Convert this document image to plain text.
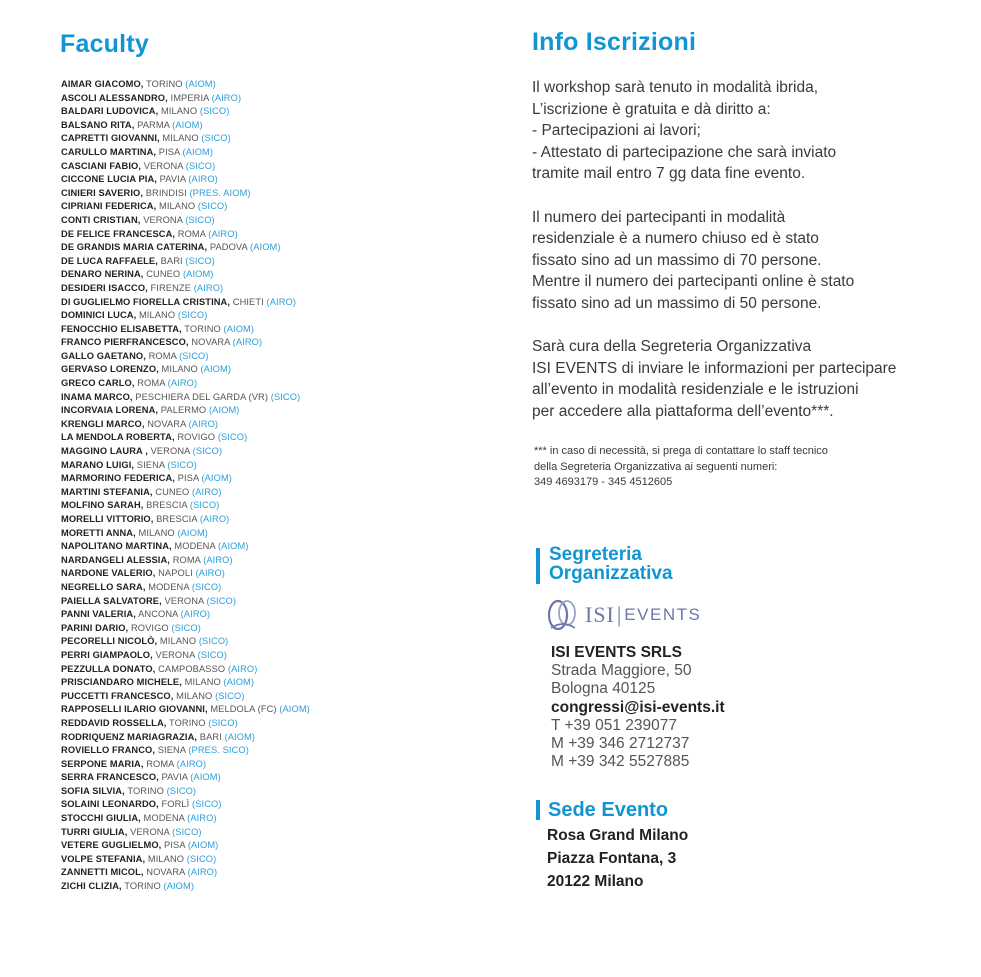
Faculty
AIMAR GIACOMO, TORINO (AIOM)
ASCOLI ALESSANDRO, IMPERIA (AIRO)
BALDARI LUDOVICA, MILANO (SICO)
BALSANO RITA, PARMA (AIOM)
CAPRETTI GIOVANNI, MILANO (SICO)
CARULLO MARTINA, PISA (AIOM)
CASCIANI FABIO, VERONA (SICO)
CICCONE LUCIA PIA, PAVIA (AIRO)
CINIERI SAVERIO, BRINDISI (PRES. AIOM)
CIPRIANI FEDERICA, MILANO (SICO)
CONTI CRISTIAN, VERONA (SICO)
DE FELICE FRANCESCA, ROMA (AIRO)
DE GRANDIS MARIA CATERINA, PADOVA (AIOM)
DE LUCA RAFFAELE, BARI (SICO)
DENARO NERINA, CUNEO (AIOM)
DESIDERI ISACCO, FIRENZE (AIRO)
DI GUGLIELMO FIORELLA CRISTINA, CHIETI (AIRO)
DOMINICI LUCA, MILANO (SICO)
FENOCCHIO ELISABETTA, TORINO (AIOM)
FRANCO PIERFRANCESCO, NOVARA (AIRO)
GALLO GAETANO, ROMA (SICO)
GERVASO LORENZO, MILANO (AIOM)
GRECO CARLO, ROMA (AIRO)
INAMA MARCO, PESCHIERA DEL GARDA (VR) (SICO)
INCORVAIA LORENA, PALERMO (AIOM)
KRENGLI MARCO, NOVARA (AIRO)
LA MENDOLA ROBERTA, ROVIGO (SICO)
MAGGINO LAURA , VERONA (SICO)
MARANO LUIGI, SIENA (SICO)
MARMORINO FEDERICA, PISA (AIOM)
MARTINI STEFANIA, CUNEO (AIRO)
MOLFINO SARAH, BRESCIA (SICO)
MORELLI VITTORIO, BRESCIA (AIRO)
MORETTI ANNA, MILANO (AIOM)
NAPOLITANO MARTINA, MODENA (AIOM)
NARDANGELI ALESSIA, ROMA (AIRO)
NARDONE VALERIO, NAPOLI (AIRO)
NEGRELLO SARA, MODENA (SICO)
PAIELLA SALVATORE, VERONA (SICO)
PANNI VALERIA, ANCONA (AIRO)
PARINI DARIO, ROVIGO (SICO)
PECORELLI NICOLÒ, MILANO (SICO)
PERRI GIAMPAOLO, VERONA (SICO)
PEZZULLA DONATO, CAMPOBASSO (AIRO)
PRISCIANDARO MICHELE, MILANO (AIOM)
PUCCETTI FRANCESCO, MILANO (SICO)
RAPPOSELLI ILARIO GIOVANNI, MELDOLA (FC) (AIOM)
REDDAVID ROSSELLA, TORINO (SICO)
RODRIQUENZ MARIAGRAZIA, BARI (AIOM)
ROVIELLO FRANCO, SIENA (PRES. SICO)
SERPONE MARIA, ROMA (AIRO)
SERRA FRANCESCO, PAVIA (AIOM)
SOFIA SILVIA, TORINO (SICO)
SOLAINI LEONARDO, FORLÌ (SICO)
STOCCHI GIULIA, MODENA (AIRO)
TURRI GIULIA, VERONA (SICO)
VETERE GUGLIELMO, PISA (AIOM)
VOLPE STEFANIA, MILANO (SICO)
ZANNETTI MICOL, NOVARA (AIRO)
ZICHI CLIZIA, TORINO (AIOM)
Info Iscrizioni

Il workshop sarà tenuto in modalità ibrida,
L’iscrizione è gratuita e dà diritto a:
- Partecipazioni ai lavori;
- Attestato di partecipazione che sarà inviato
tramite mail entro 7 gg data fine evento.

Il numero dei partecipanti in modalità
residenziale è a numero chiuso ed è stato
fissato sino ad un massimo di 70 persone.
Mentre il numero dei partecipanti online è stato
fissato sino ad un massimo di 50 persone.

Sarà cura della Segreteria Organizzativa
ISI EVENTS di inviare le informazioni per partecipare
all’evento in modalità residenziale e le istruzioni
per accedere alla piattaforma dell’evento***.

*** in caso di necessità, si prega di contattare lo staff tecnico
della Segreteria Organizzativa ai seguenti numeri:
349 4693179 - 345 4512605
Segreteria
Organizzativa
ISI | EVENTS
ISI EVENTS SRLS
Strada Maggiore, 50
Bologna 40125
congressi@isi-events.it
T +39 051 239077
M +39 346 2712737
M +39 342 5527885
Sede Evento
Rosa Grand Milano
Piazza Fontana, 3
20122 Milano
